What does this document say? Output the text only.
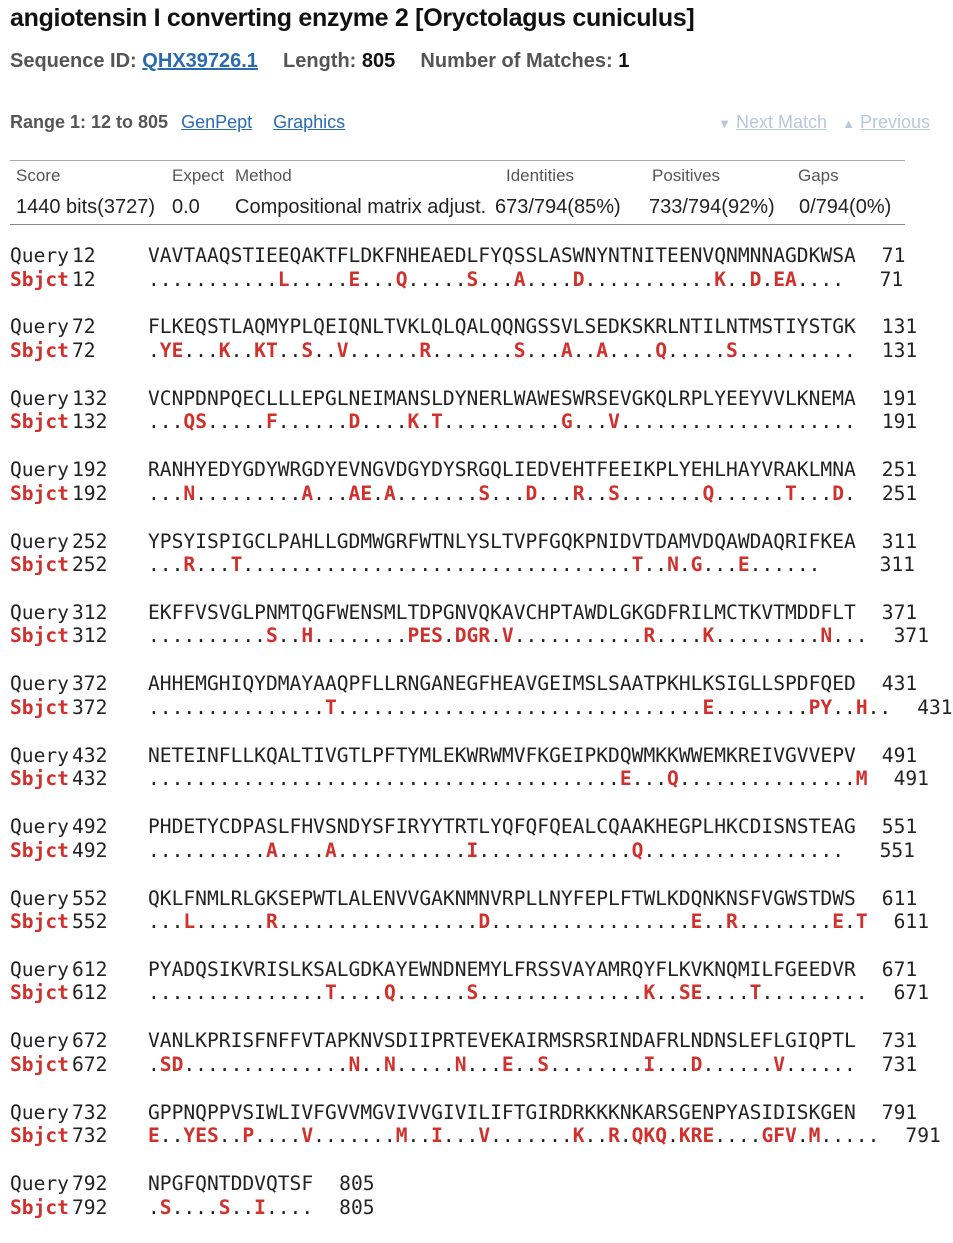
angiotensin I converting enzyme 2 [Oryctolagus cuniculus]
Sequence ID: QHX39726.1 Length: 805 Number of Matches: 1
Range 1: 12 to 805 GenPept Graphics	▼ Next Match ▲ Previous
Score	Expect Method	Identities	Positives	Gaps
1440 bits(3727) 0.0 Compositional matrix adjust. 673/794(85%) 733/794(92%) 0/794(0%)
Query 12	VAVTAAQSTIEEQAKTFLDKFNHEAEDLFYQSSLASWNYNTNITEENVQNMNNAGDKWSA 71
Sbjct 12	...........L.....E...Q.....S...A....D...........K..D.EA.... 71
Query 72	FLKEQSTLAQMYPLQEIQNLTVKLQLQALQQNGSSVLSEDKSKRLNTILNTMSTIYSTGK 131
Sbjct 72	.YE...K..KT..S..V......R.......S...A..A....Q.....S.......... 131
Query 132 VCNPDNPQECLLLEPGLNEIMANSLDYNERLWAWESWRSEVGKQLRPLYEEYVVLKNEMA 191
Sbjct 132 ...QS.....F......D....K.T..........G...V.................... 191
Query 192 RANHYEDYGDYWRGDYEVNGVDGYDYSRGQLIEDVEHTFEEIKPLYEHLHAYVRAKLMNA 251
Sbjct 192 ...N.........A...AE.A.......S...D...R..S.......Q......T...D. 251
Query 252 YPSYISPIGCLPAHLLGDMWGRFWTNLYSLTVPFGQKPNIDVTDAMVDQAWDAQRIFKEA 311
Sbjct 252 ...R...T.................................T..N.G...E......	311
Query 312 EKFFVSVGLPNMTQGFWENSMLTDPGNVQKAVCHPTAWDLGKGDFRILMCTKVTMDDFLT 371
Sbjct 312 ..........S..H........PES.DGR.V...........R....K.........N... 371
Query 372 AHHEMGHIQYDMAYAAQPFLLRNGANEGFHEAVGEIMSLSAATPKHLKSIGLLSPDFQED 431
Sbjct 372 ...............T...............................E........PY..H.. 431
Query 432 NETEINFLLKQALTIVGTLPFTYMLEKWRWMVFKGEIPKDQWMKKWWEMKREIVGVVEPV 491
Sbjct 432 ........................................E...Q...............M 491
Query 492 PHDETYCDPASLFHVSNDYSFIRYYTRTLYQFQFQEALCQAAKHEGPLHKCDISNSTEAG 551
Sbjct 492 ..........A....A...........I.............Q................. 551
Query 552 QKLFNMLRLGKSEPWTLALENVVGAKNMNVRPLLNYFEPLFTWLKDQNKNSFVGWSTDWS 611
Sbjct 552 ...L......R.................D.................E..R........E.T 611
Query 612 PYADQSIKVRISLKSALGDKAYEWNDNEMYLFRSSVAYAMRQYFLKVKNQMILFGEEDVR 671
Sbjct 612 ...............T....Q......S..............K..SE....T......... 671
Query 672 VANLKPRISFNFFVTAPKNVSDIIPRTEVEKAIRMSRSRINDAFRLNDNSLEFLGIQPTL 731
Sbjct 672 .SD..............N..N.....N...E..S........I...D......V...... 731
Query 732 GPPNQPPVSIWLIVFGVVMGVIVVGIVILIFTGIRDRKKKNKARSGENPYASIDISKGEN 791
Sbjct 732 E..YES..P....V.......M..I...V.......K..R.QKQ.KRE....GFV.M..... 791
Query 792 NPGFQNTDDVQTSF 805
Sbjct 792 .S....S..I.... 805
